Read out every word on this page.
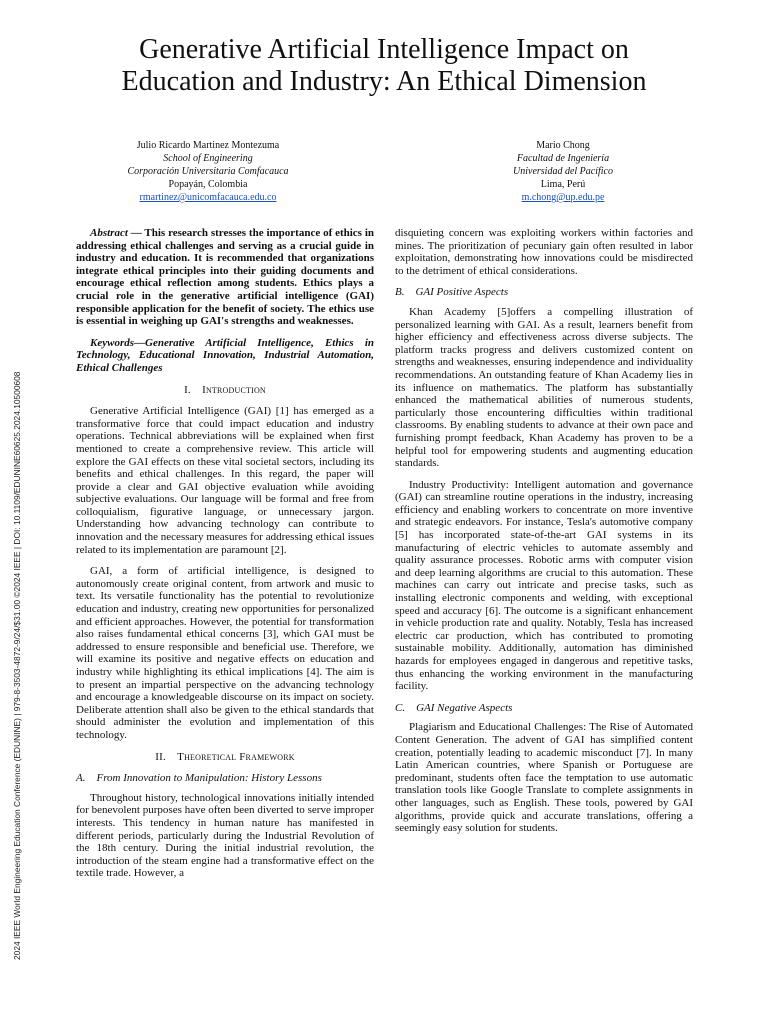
Generative Artificial Intelligence Impact on
Education and Industry: An Ethical Dimension
Julio Ricardo Martinez Montezuma
School of Engineering
Corporación Universitaria Comfacauca
Popayán, Colombia
rmartinez@unicomfacauca.edu.co
Mario Chong
Facultad de Ingeniería
Universidad del Pacífico
Lima, Perú
m.chong@up.edu.pe

Abstract — This research stresses the importance of ethics in addressing ethical challenges and serving as a crucial guide in industry and education. It is recommended that organizations integrate ethical principles into their guiding documents and encourage ethical reflection among students. Ethics plays a crucial role in the generative artificial intelligence (GAI) responsible application for the benefit of society. The ethics use is essential in weighing up GAI's strengths and weaknesses.

Keywords—Generative Artificial Intelligence, Ethics in Technology, Educational Innovation, Industrial Automation, Ethical Challenges

I. Introduction

Generative Artificial Intelligence (GAI) [1] has emerged as a transformative force that could impact education and industry operations. Technical abbreviations will be explained when first mentioned to create a comprehensive review. This article will explore the GAI effects on these vital societal sectors, including its benefits and ethical challenges. In this regard, the paper will provide a clear and GAI objective evaluation while avoiding subjective evaluations. Our language will be formal and free from colloquialism, figurative language, or unnecessary jargon. Understanding how advancing technology can contribute to innovation and the necessary measures for addressing ethical issues related to its implementation are paramount [2].

GAI, a form of artificial intelligence, is designed to autonomously create original content, from artwork and music to text. Its versatile functionality has the potential to revolutionize education and industry, creating new opportunities for personalized and efficient approaches. However, the potential for transformation also raises fundamental ethical concerns [3], which GAI must be addressed to ensure responsible and beneficial use. Therefore, we will examine its positive and negative effects on education and industry while highlighting its ethical implications [4]. The aim is to present an impartial perspective on the advancing technology and encourage a knowledgeable discourse on its impact on society. Deliberate attention shall also be given to the ethical standards that should administer the evolution and implementation of this technology.

II. Theoretical Framework
A. From Innovation to Manipulation: History Lessons

Throughout history, technological innovations initially intended for benevolent purposes have often been diverted to serve improper interests. This tendency in human nature has manifested in different periods, particularly during the Industrial Revolution of the 18th century. During the initial industrial revolution, the introduction of the steam engine had a transformative effect on the textile trade. However, a

disquieting concern was exploiting workers within factories and mines. The prioritization of pecuniary gain often resulted in labor exploitation, demonstrating how innovations could be misdirected to the detriment of ethical considerations.

B. GAI Positive Aspects

Khan Academy [5]offers a compelling illustration of personalized learning with GAI. As a result, learners benefit from higher efficiency and effectiveness across diverse subjects. The platform tracks progress and delivers customized content on strengths and weaknesses, ensuring independence and individuality recommendations. An outstanding feature of Khan Academy lies in its influence on mathematics. The platform has substantially enhanced the mathematical abilities of numerous students, particularly those encountering difficulties within traditional classrooms. By enabling students to advance at their own pace and furnishing prompt feedback, Khan Academy has proven to be a helpful tool for empowering students and augmenting education standards.

Industry Productivity: Intelligent automation and governance (GAI) can streamline routine operations in the industry, increasing efficiency and enabling workers to concentrate on more inventive and strategic endeavors. For instance, Tesla's automotive company [5] has incorporated state-of-the-art GAI systems in its manufacturing of electric vehicles to automate assembly and quality assurance processes. Robotic arms with computer vision and deep learning algorithms are crucial to this automation. These machines can carry out intricate and precise tasks, such as installing electronic components and welding, with exceptional speed and accuracy [6]. The outcome is a significant enhancement in vehicle production rate and quality. Notably, Tesla has increased electric car production, which has contributed to promoting sustainable mobility. Additionally, automation has diminished hazards for employees engaged in dangerous and repetitive tasks, thus enhancing the working environment in the manufacturing facility.

C. GAI Negative Aspects

Plagiarism and Educational Challenges: The Rise of Automated Content Generation. The advent of GAI has simplified content creation, potentially leading to academic misconduct [7]. In many Latin American countries, where Spanish or Portuguese are predominant, students often face the temptation to use automatic translation tools like Google Translate to complete assignments in other languages, such as English. These tools, powered by GAI algorithms, provide quick and accurate translations, offering a seemingly easy solution for students.

2024 IEEE World Engineering Education Conference (EDUNINE) | 979-8-3503-4872-9/24/$31.00 ©2024 IEEE | DOI: 10.1109/EDUNINE60625.2024.10500608
